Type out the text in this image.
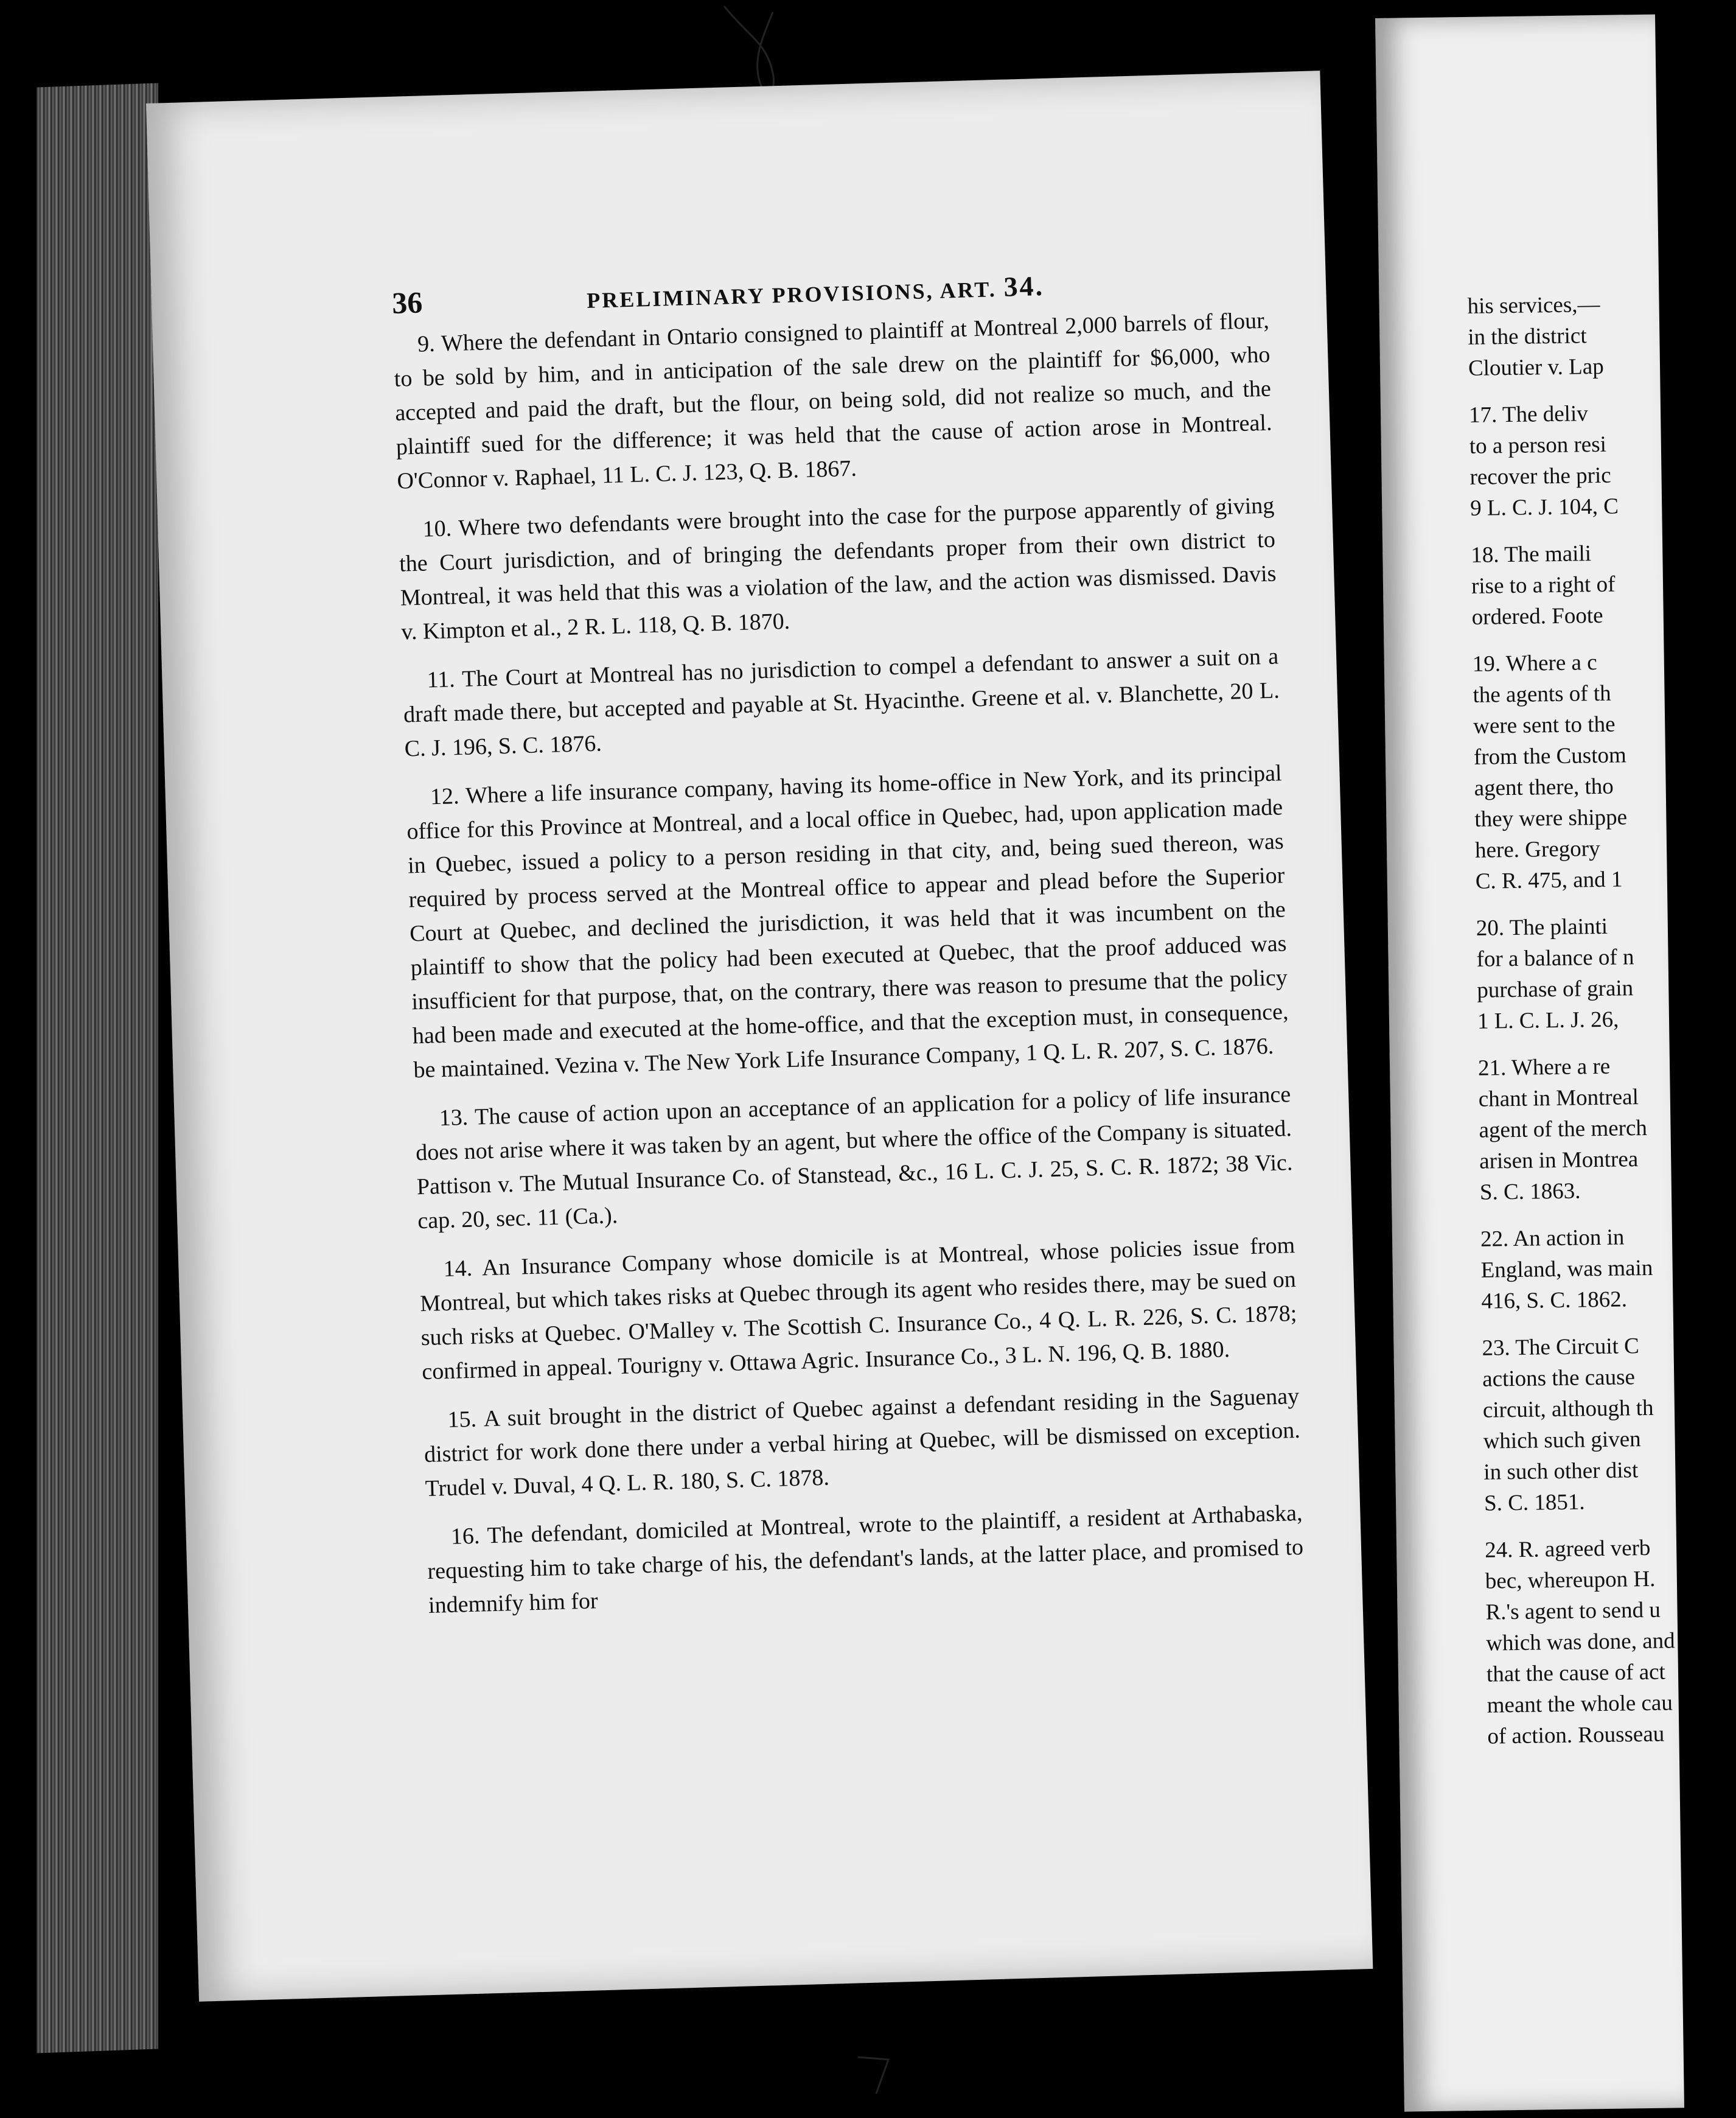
36	PRELIMINARY PROVISIONS, ART. 34.

9. Where the defendant in Ontario consigned to plaintiff at Montreal 2,000 barrels of flour, to be sold by him, and in anticipation of the sale drew on the plaintiff for $6,000, who accepted and paid the draft, but the flour, on being sold, did not realize so much, and the plaintiff sued for the difference; it was held that the cause of action arose in Montreal. O'Connor v. Raphael, 11 L. C. J. 123, Q. B. 1867.

10. Where two defendants were brought into the case for the purpose apparently of giving the Court jurisdiction, and of bringing the defendants proper from their own district to Montreal, it was held that this was a violation of the law, and the action was dismissed. Davis v. Kimpton et al., 2 R. L. 118, Q. B. 1870.

11. The Court at Montreal has no jurisdiction to compel a defendant to answer a suit on a draft made there, but accepted and payable at St. Hyacinthe. Greene et al. v. Blanchette, 20 L. C. J. 196, S. C. 1876.

12. Where a life insurance company, having its home-office in New York, and its principal office for this Province at Montreal, and a local office in Quebec, had, upon application made in Quebec, issued a policy to a person residing in that city, and, being sued thereon, was required by process served at the Montreal office to appear and plead before the Superior Court at Quebec, and declined the jurisdiction, it was held that it was incumbent on the plaintiff to show that the policy had been executed at Quebec, that the proof adduced was insufficient for that purpose, that, on the contrary, there was reason to presume that the policy had been made and executed at the home-office, and that the exception must, in consequence, be maintained. Vezina v. The New York Life Insurance Company, 1 Q. L. R. 207, S. C. 1876.

13. The cause of action upon an acceptance of an application for a policy of life insurance does not arise where it was taken by an agent, but where the office of the Company is situated. Pattison v. The Mutual Insurance Co. of Stanstead, &c., 16 L. C. J. 25, S. C. R. 1872; 38 Vic. cap. 20, sec. 11 (Ca.).

14. An Insurance Company whose domicile is at Montreal, whose policies issue from Montreal, but which takes risks at Quebec through its agent who resides there, may be sued on such risks at Quebec. O'Malley v. The Scottish C. Insurance Co., 4 Q. L. R. 226, S. C. 1878; confirmed in appeal. Tourigny v. Ottawa Agric. Insurance Co., 3 L. N. 196, Q. B. 1880.

15. A suit brought in the district of Quebec against a defendant residing in the Saguenay district for work done there under a verbal hiring at Quebec, will be dismissed on exception. Trudel v. Duval, 4 Q. L. R. 180, S. C. 1878.

16. The defendant, domiciled at Montreal, wrote to the plaintiff, a resident at Arthabaska, requesting him to take charge of his, the defendant's lands, at the latter place, and promised to indemnify him for

his services,—
in the district
Cloutier v. Lap
17. The deliv
to a person resi
recover the pric
9 L. C. J. 104, C
18. The maili
rise to a right of
ordered. Foote
19. Where a c
the agents of th
were sent to the
from the Custom
agent there, tho
they were shippe
here. Gregory
C. R. 475, and 1
20. The plainti
for a balance of n
purchase of grain
1 L. C. L. J. 26,
21. Where a re
chant in Montreal
agent of the merch
arisen in Montrea
S. C. 1863.
22. An action in
England, was main
416, S. C. 1862.
23. The Circuit C
actions the cause
circuit, although th
which such given
in such other dist
S. C. 1851.
24. R. agreed verb
bec, whereupon H.
R.'s agent to send u
which was done, and
that the cause of act
meant the whole cau
of action. Rousseau
